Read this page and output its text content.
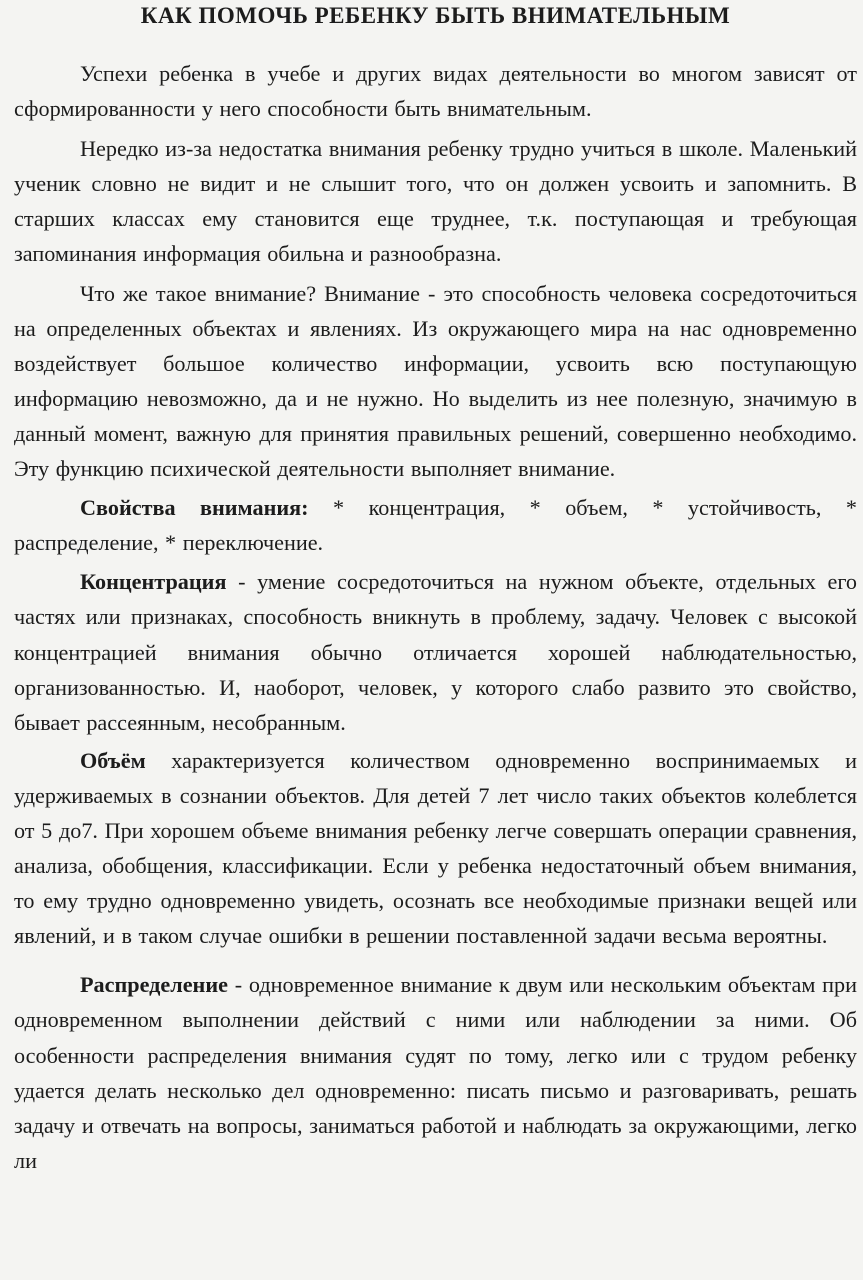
КАК ПОМОЧЬ РЕБЕНКУ БЫТЬ ВНИМАТЕЛЬНЫМ

Успехи ребенка в учебе и других видах деятельности во многом зависят от сформированности у него способности быть внимательным.

Нередко из-за недостатка внимания ребенку трудно учиться в школе. Маленький ученик словно не видит и не слышит того, что он должен усвоить и запомнить. В старших классах ему становится еще труднее, т.к. поступающая и требующая запоминания информация обильна и разнообразна.

Что же такое внимание? Внимание - это способность человека сосредоточиться на определенных объектах и явлениях. Из окружающего мира на нас одновременно воздействует большое количество информации, усвоить всю поступающую информацию невозможно, да и не нужно. Но выделить из нее полезную, значимую в данный момент, важную для принятия правильных решений, совершенно необходимо. Эту функцию психической деятельности выполняет внимание.

Свойства внимания: * концентрация, * объем, * устойчивость, * распределение, * переключение.

Концентрация - умение сосредоточиться на нужном объекте, отдельных его частях или признаках, способность вникнуть в проблему, задачу. Человек с высокой концентрацией внимания обычно отличается хорошей наблюдательностью, организованностью. И, наоборот, человек, у которого слабо развито это свойство, бывает рассеянным, несобранным.

Объём характеризуется количеством одновременно воспринимаемых и удерживаемых в сознании объектов. Для детей 7 лет число таких объектов колеблется от 5 до7. При хорошем объеме внимания ребенку легче совершать операции сравнения, анализа, обобщения, классификации. Если у ребенка недостаточный объем внимания, то ему трудно одновременно увидеть, осознать все необходимые признаки вещей или явлений, и в таком случае ошибки в решении поставленной задачи весьма вероятны.

Распределение - одновременное внимание к двум или нескольким объектам при одновременном выполнении действий с ними или наблюдении за ними. Об особенности распределения внимания судят по тому, легко или с трудом ребенку удается делать несколько дел одновременно: писать письмо и разговаривать, решать задачу и отвечать на вопросы, заниматься работой и наблюдать за окружающими, легко ли
